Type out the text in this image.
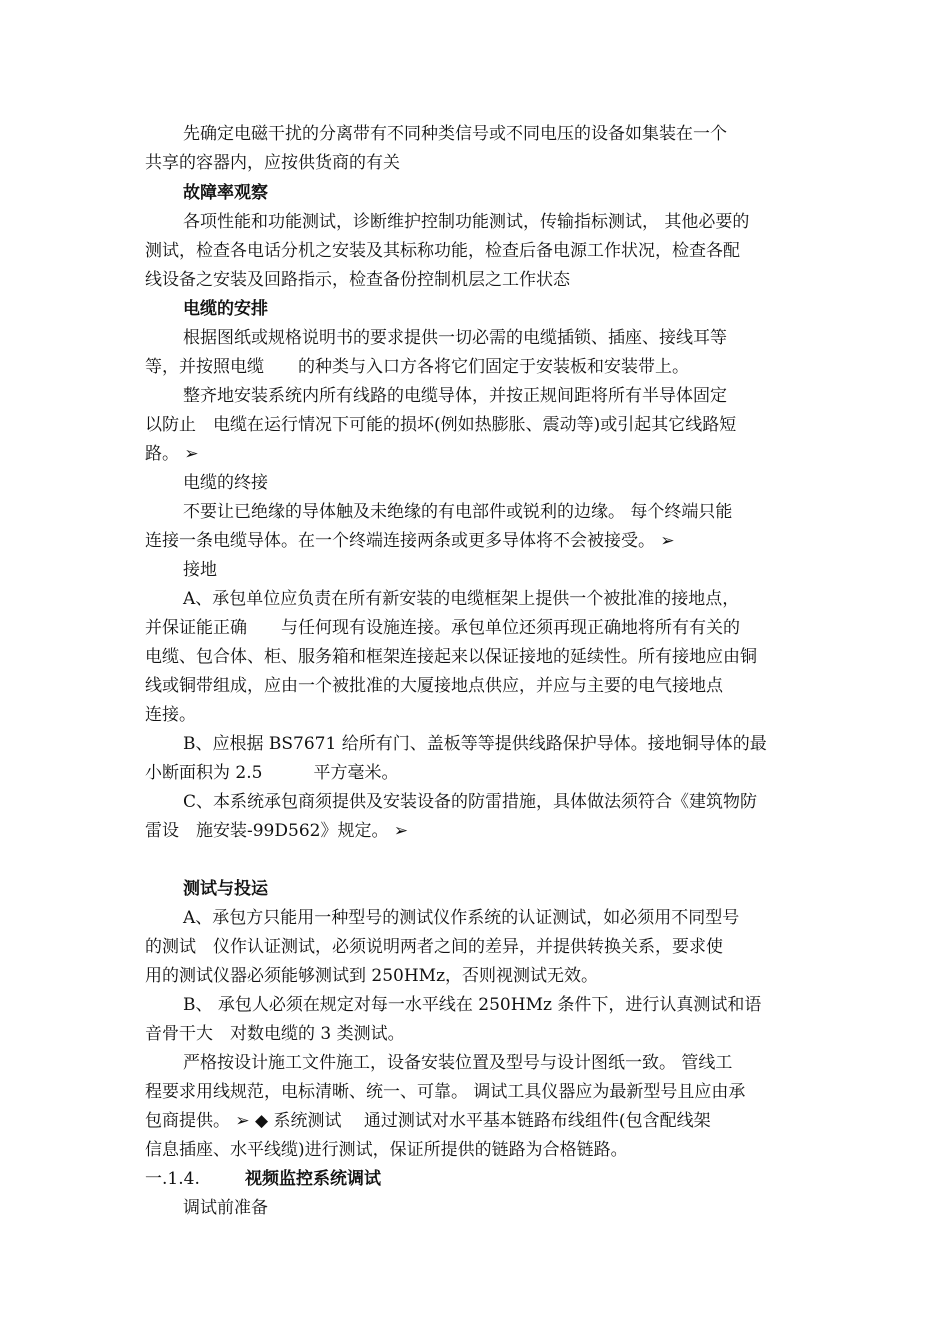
先确定电磁干扰的分离带有不同种类信号或不同电压的设备如集装在一个
共享的容器内，应按供货商的有关
故障率观察
各项性能和功能测试，诊断维护控制功能测试，传输指标测试， 其他必要的
测试，检查各电话分机之安装及其标称功能，检查后备电源工作状况，检查各配
线设备之安装及回路指示，检查备份控制机层之工作状态
电缆的安排
根据图纸或规格说明书的要求提供一切必需的电缆插锁、插座、接线耳等
等，并按照电缆　　的种类与入口方各将它们固定于安装板和安装带上。
整齐地安装系统内所有线路的电缆导体，并按正规间距将所有半导体固定
以防止　电缆在运行情况下可能的损坏(例如热膨胀、震动等)或引起其它线路短
路。 ➢
电缆的终接
不要让已绝缘的导体触及未绝缘的有电部件或锐利的边缘。 每个终端只能
连接一条电缆导体。在一个终端连接两条或更多导体将不会被接受。 ➢
接地
A、承包单位应负责在所有新安装的电缆框架上提供一个被批准的接地点，
并保证能正确　　与任何现有设施连接。承包单位还须再现正确地将所有有关的
电缆、包合体、柜、服务箱和框架连接起来以保证接地的延续性。所有接地应由铜
线或铜带组成，应由一个被批准的大厦接地点供应，并应与主要的电气接地点
连接。
B、应根据 BS7671 给所有门、盖板等等提供线路保护导体。接地铜导体的最
小断面积为 2.5　　　平方毫米。
C、本系统承包商须提供及安装设备的防雷措施，具体做法须符合《建筑物防
雷设　施安装-99D562》规定。 ➢
测试与投运
A、承包方只能用一种型号的测试仪作系统的认证测试，如必须用不同型号
的测试　仪作认证测试，必须说明两者之间的差异，并提供转换关系，要求使
用的测试仪器必须能够测试到 250HMz，否则视测试无效。
B、 承包人必须在规定对每一水平线在 250HMz 条件下，进行认真测试和语
音骨干大　对数电缆的 3 类测试。
严格按设计施工文件施工，设备安装位置及型号与设计图纸一致。 管线工
程要求用线规范，电标清晰、统一、可靠。 调试工具仪器应为最新型号且应由承
包商提供。 ➢ ◆ 系统测试　 通过测试对水平基本链路布线组件(包含配线架
信息插座、水平线缆)进行测试，保证所提供的链路为合格链路。
一.1.4.	视频监控系统调试
调试前准备
